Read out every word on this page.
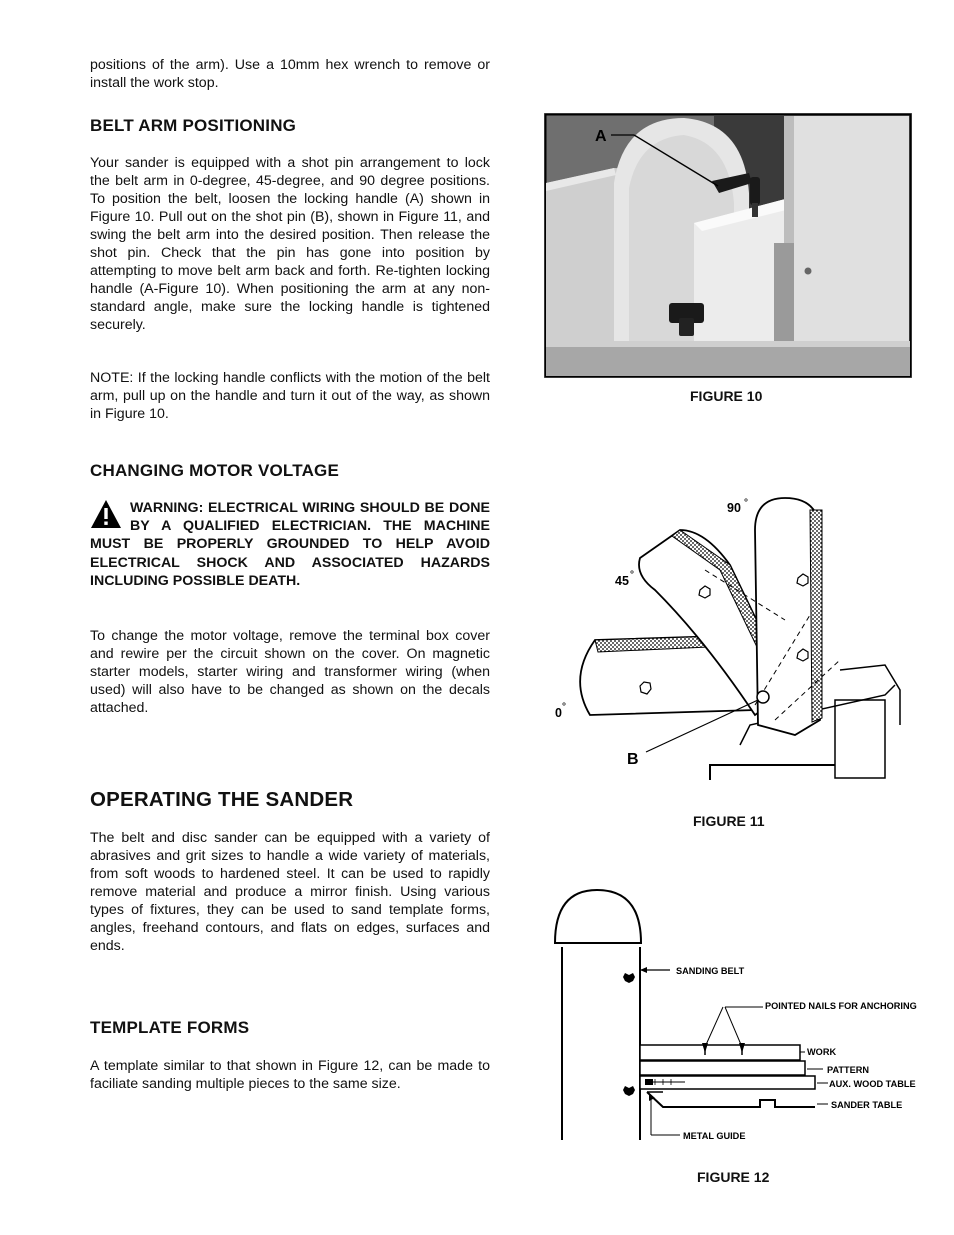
positions of the arm). Use a 10mm hex wrench to remove or install the work stop.

BELT ARM POSITIONING

Your sander is equipped with a shot pin arrangement to lock the belt arm in 0-degree, 45-degree, and 90 degree positions. To position the belt, loosen the locking handle (A) shown in Figure 10. Pull out on the shot pin (B), shown in Figure 11, and swing the belt arm into the desired position. Then release the shot pin. Check that the pin has gone into position by attempting to move belt arm back and forth. Re-tighten locking handle (A-Figure 10). When positioning the arm at any non-standard angle, make sure the locking handle is tightened securely.

NOTE: If the locking handle conflicts with the motion of the belt arm, pull up on the handle and turn it out of the way, as shown in Figure 10.

CHANGING MOTOR VOLTAGE
WARNING: ELECTRICAL WIRING SHOULD BE DONE BY A QUALIFIED ELECTRICIAN. THE MACHINE MUST BE PROPERLY GROUNDED TO HELP AVOID ELECTRICAL SHOCK AND ASSOCIATED HAZARDS INCLUDING POSSIBLE DEATH.

To change the motor voltage, remove the terminal box cover and rewire per the circuit shown on the cover. On magnetic starter models, starter wiring and transformer wiring (when used) will also have to be changed as shown on the decals attached.

OPERATING THE SANDER

The belt and disc sander can be equipped with a variety of abrasives and grit sizes to handle a wide variety of materials, from soft woods to hardened steel. It can be used to rapidly remove material and produce a mirror finish. Using various types of fixtures, they can be used to sand template forms, angles, freehand contours, and flats on edges, surfaces and ends.

TEMPLATE FORMS

A template similar to that shown in Figure 12, can be made to faciliate sanding multiple pieces to the same size.

A
FIGURE 10
90
45
0
B
FIGURE 11
SANDING BELT
POINTED NAILS FOR ANCHORING
WORK
PATTERN
AUX. WOOD TABLE
SANDER TABLE
METAL GUIDE
FIGURE 12
